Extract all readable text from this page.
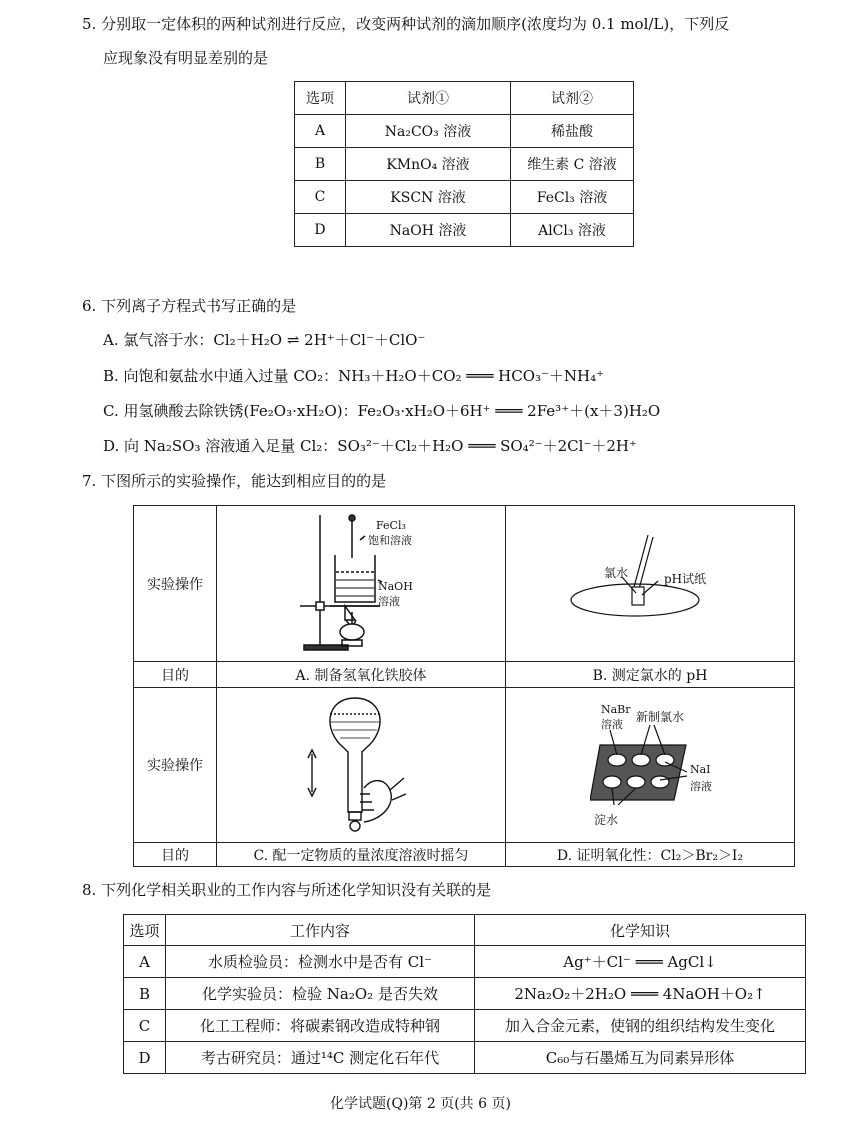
5. 分别取一定体积的两种试剂进行反应，改变两种试剂的滴加顺序(浓度均为 0.1 mol/L)，下列反
应现象没有明显差别的是
选项	试剂①	试剂②
A	Na₂CO₃ 溶液	稀盐酸
B	KMnO₄ 溶液	维生素 C 溶液
C	KSCN 溶液	FeCl₃ 溶液
D	NaOH 溶液	AlCl₃ 溶液
6. 下列离子方程式书写正确的是
A. 氯气溶于水：Cl₂＋H₂O ⇌ 2H⁺＋Cl⁻＋ClO⁻
B. 向饱和氨盐水中通入过量 CO₂：NH₃＋H₂O＋CO₂ ═══ HCO₃⁻＋NH₄⁺
C. 用氢碘酸去除铁锈(Fe₂O₃·xH₂O)：Fe₂O₃·xH₂O＋6H⁺ ═══ 2Fe³⁺＋(x＋3)H₂O
D. 向 Na₂SO₃ 溶液通入足量 Cl₂：SO₃²⁻＋Cl₂＋H₂O ═══ SO₄²⁻＋2Cl⁻＋2H⁺
7. 下图所示的实验操作，能达到相应目的的是
实验操作		
目的	A. 制备氢氧化铁胶体	B. 测定氯水的 pH
实验操作		
目的	C. 配一定物质的量浓度溶液时摇匀	D. 证明氧化性：Cl₂＞Br₂＞I₂
FeCl₃
饱和溶液
NaOH
溶液
氯水	pH试纸
NaBr
溶液
新制氯水
NaI
溶液
淀水
8. 下列化学相关职业的工作内容与所述化学知识没有关联的是
选项	工作内容	化学知识
A	水质检验员：检测水中是否有 Cl⁻	Ag⁺＋Cl⁻ ═══ AgCl↓
B	化学实验员：检验 Na₂O₂ 是否失效	2Na₂O₂＋2H₂O ═══ 4NaOH＋O₂↑
C	化工工程师：将碳素钢改造成特种钢	加入合金元素，使钢的组织结构发生变化
D	考古研究员：通过¹⁴C 测定化石年代	C₆₀与石墨烯互为同素异形体
化学试题(Q)第 2 页(共 6 页)
